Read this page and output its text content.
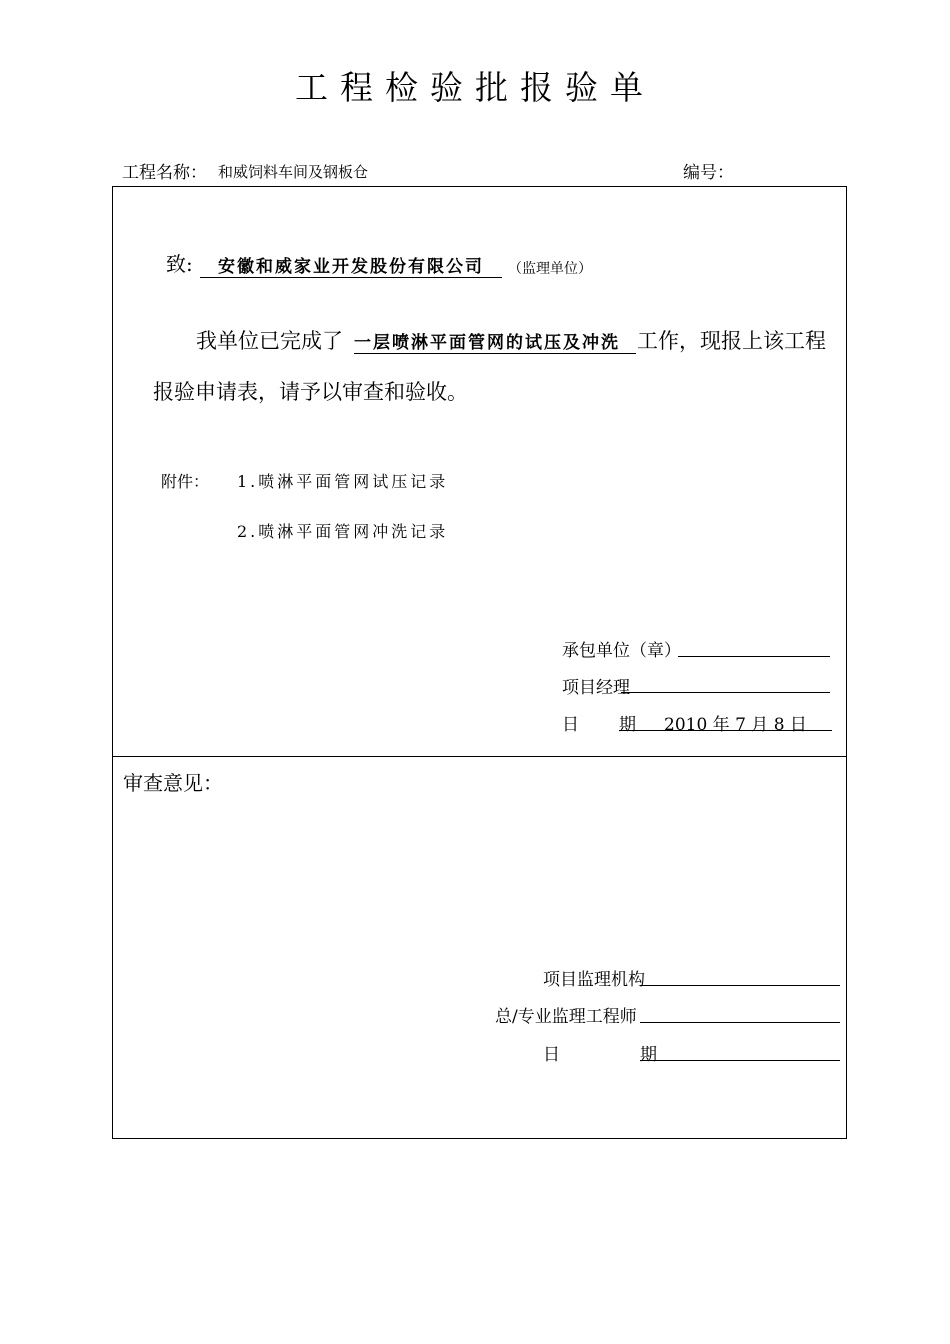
工程检验批报验单
工程名称： 和威饲料车间及钢板仓	编号：
致:	安徽和威家业开发股份有限公司	（监理单位）
我单位已完成了 一层喷淋平面管网的试压及冲洗 工作，现报上该工程
报验申请表，请予以审查和验收。
附件： 1.喷淋平面管网试压记录
2.喷淋平面管网冲洗记录
承包单位（章）
项目经理
日 期 2010 年 7 月 8 日
审查意见：
项目监理机构
总/专业监理工程师
日	期
